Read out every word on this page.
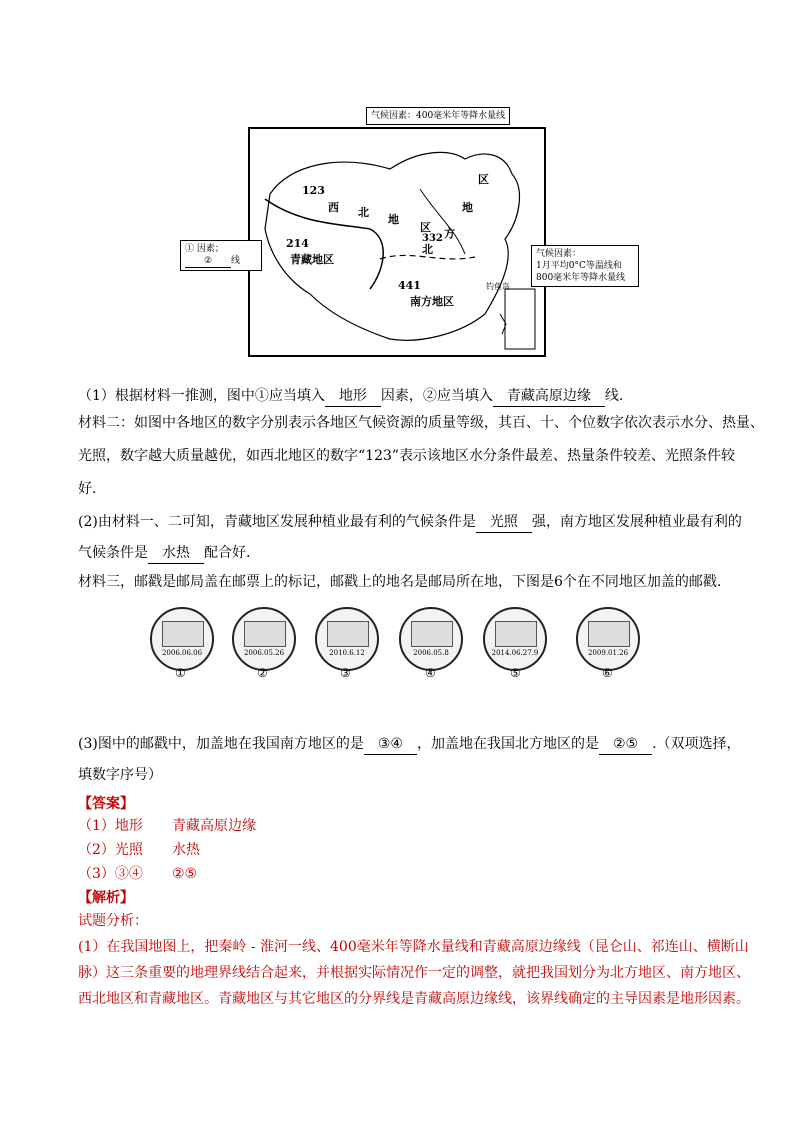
123
西 北
地
区
区
地
方
北
332
214
青藏地区
441
南方地区
钓鱼岛
气候因素：400毫米年等降水量线
① 因素；
② 线
气候因素：
1月平均0°C等温线和
800毫米年等降水量线
（1）根据材料一推测，图中①应当填入 地形 因素，②应当填入 青藏高原边缘 线.
材料二：如图中各地区的数字分别表示各地区气候资源的质量等级，其百、十、个位数字依次表示水分、热量、
光照，数字越大质量越优，如西北地区的数字“123”表示该地区水分条件最差、热量条件较差、光照条件较
好.
(2)由材料一、二可知，青藏地区发展种植业最有利的气候条件是 光照 强，南方地区发展种植业最有利的
气候条件是 水热 配合好.
材料三，邮戳是邮局盖在邮票上的标记，邮戳上的地名是邮局所在地，下图是6个在不同地区加盖的邮戳.
2006.06.06	2006.05.26	2010.6.12	2006.05.8	2014.06.27.9	2009.01.26
①	②	③	④	⑤	⑥
(3)图中的邮戳中，加盖地在我国南方地区的是 ③④ ，加盖地在我国北方地区的是 ②⑤ .（双项选择，
填数字序号）
【答案】
（1）地形 青藏高原边缘
（2）光照 水热
（3）③④ ②⑤
【解析】
试题分析：
(1）在我国地图上，把秦岭 - 淮河一线、400毫米年等降水量线和青藏高原边缘线（昆仑山、祁连山、横断山
脉）这三条重要的地理界线结合起来，并根据实际情况作一定的调整，就把我国划分为北方地区、南方地区、
西北地区和青藏地区。青藏地区与其它地区的分界线是青藏高原边缘线，该界线确定的主导因素是地形因素。
